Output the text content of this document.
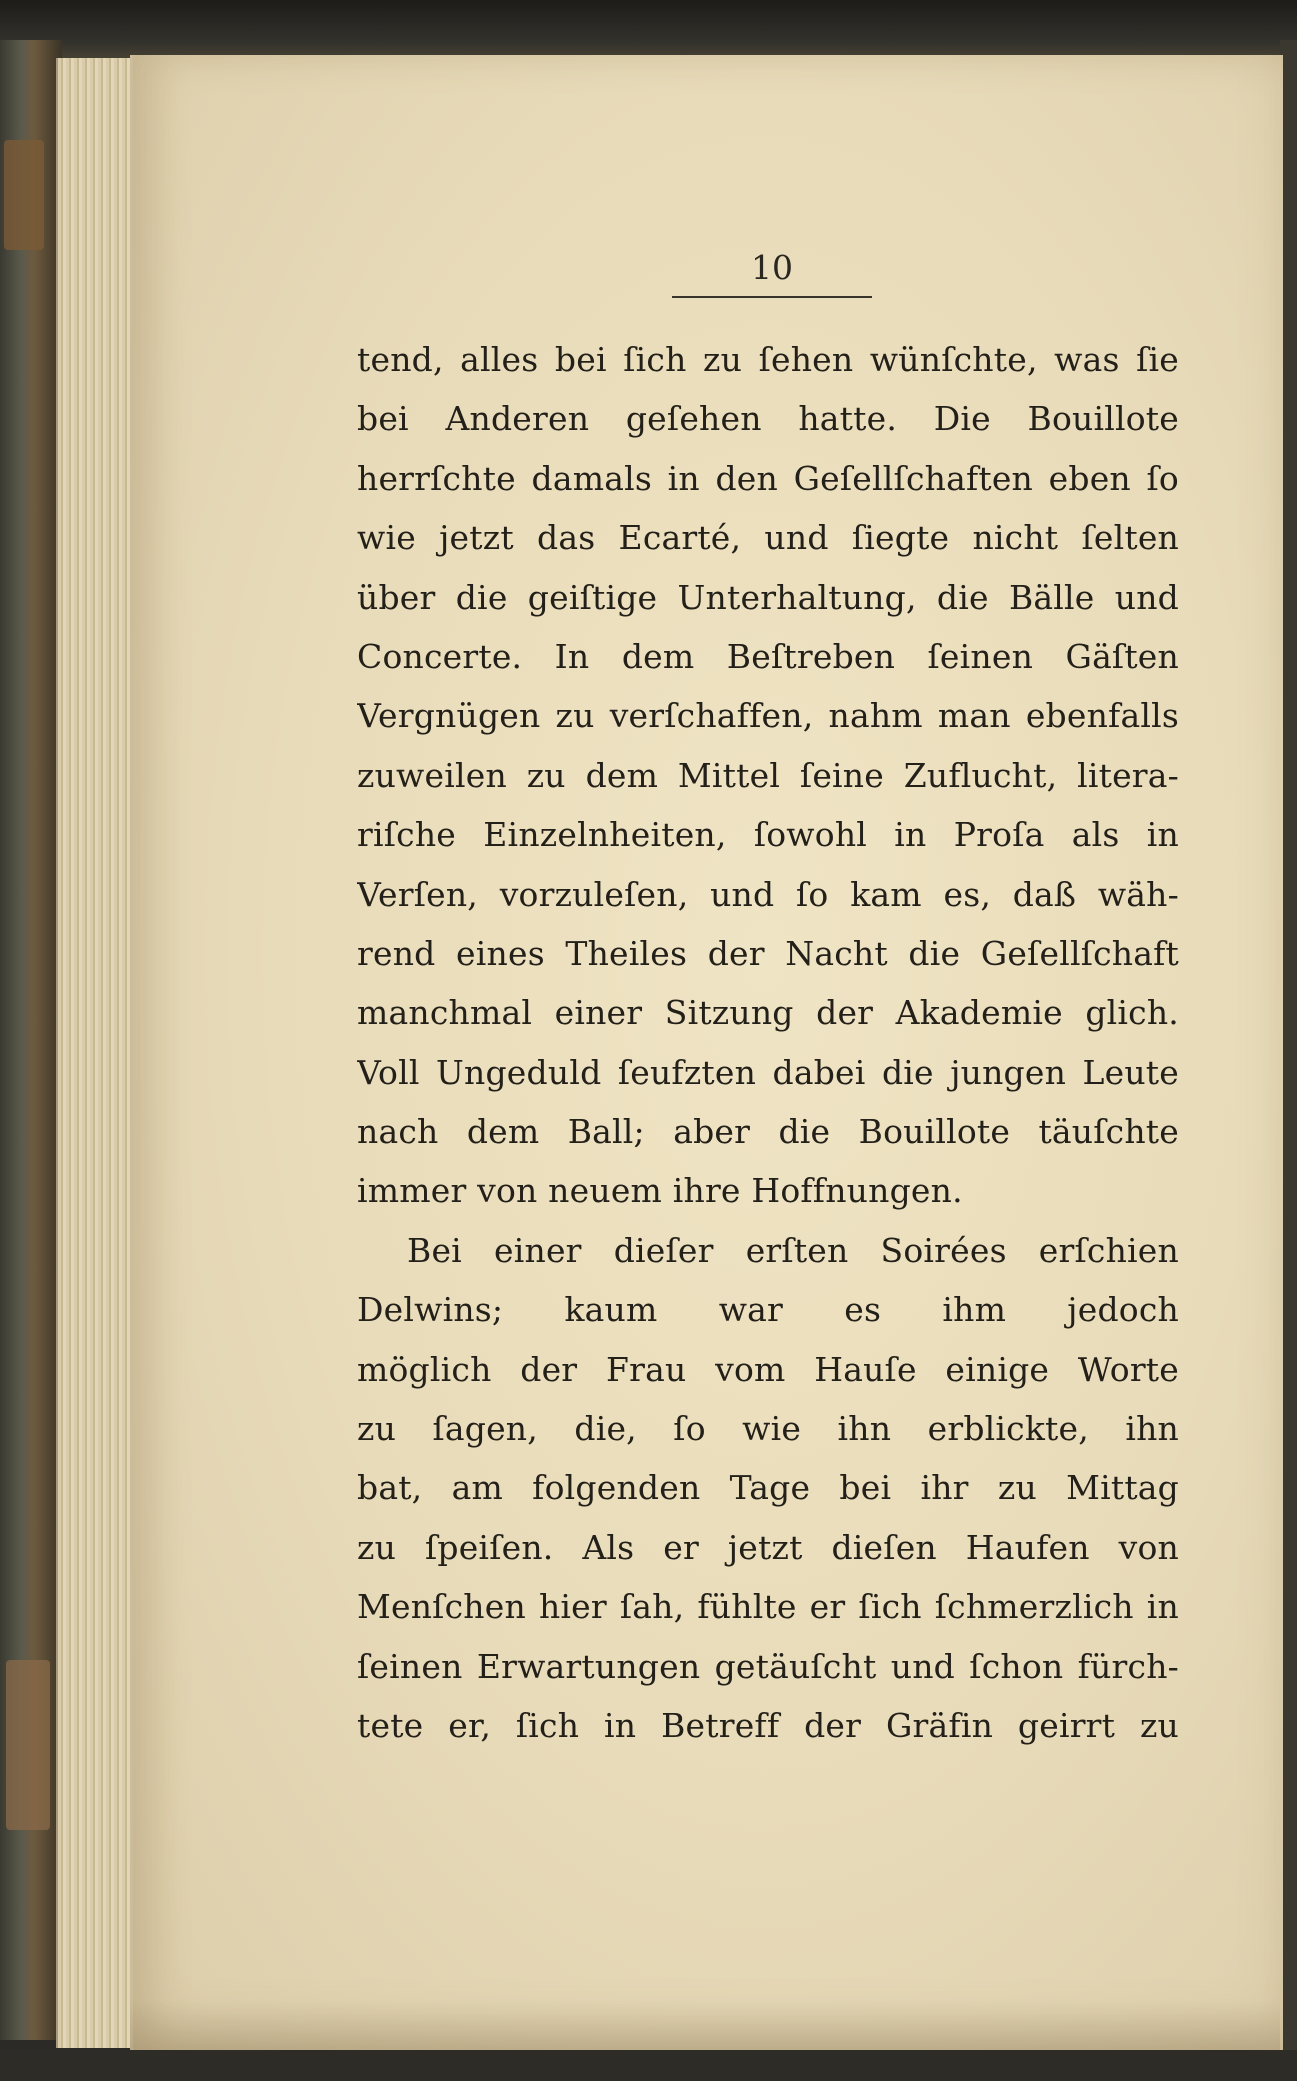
10
tend, alles bei ſich zu ſehen wünſchte, was ſie
bei Anderen geſehen hatte. Die Bouillote
herrſchte damals in den Geſellſchaften eben ſo
wie jetzt das Ecarté, und ſiegte nicht ſelten
über die geiſtige Unterhaltung, die Bälle und
Concerte. In dem Beſtreben ſeinen Gäſten
Vergnügen zu verſchaffen, nahm man ebenfalls
zuweilen zu dem Mittel ſeine Zuflucht, litera-
riſche Einzelnheiten, ſowohl in Proſa als in
Verſen, vorzuleſen, und ſo kam es, daß wäh-
rend eines Theiles der Nacht die Geſellſchaft
manchmal einer Sitzung der Akademie glich.
Voll Ungeduld ſeufzten dabei die jungen Leute
nach dem Ball; aber die Bouillote täuſchte
immer von neuem ihre Hoffnungen.
Bei einer dieſer erſten Soirées erſchien
Delwins; kaum war es ihm jedoch
möglich der Frau vom Hauſe einige Worte
zu ſagen, die, ſo wie ihn erblickte, ihn
bat, am folgenden Tage bei ihr zu Mittag
zu ſpeiſen. Als er jetzt dieſen Haufen von
Menſchen hier ſah, fühlte er ſich ſchmerzlich in
ſeinen Erwartungen getäuſcht und ſchon fürch-
tete er, ſich in Betreff der Gräfin geirrt zu
